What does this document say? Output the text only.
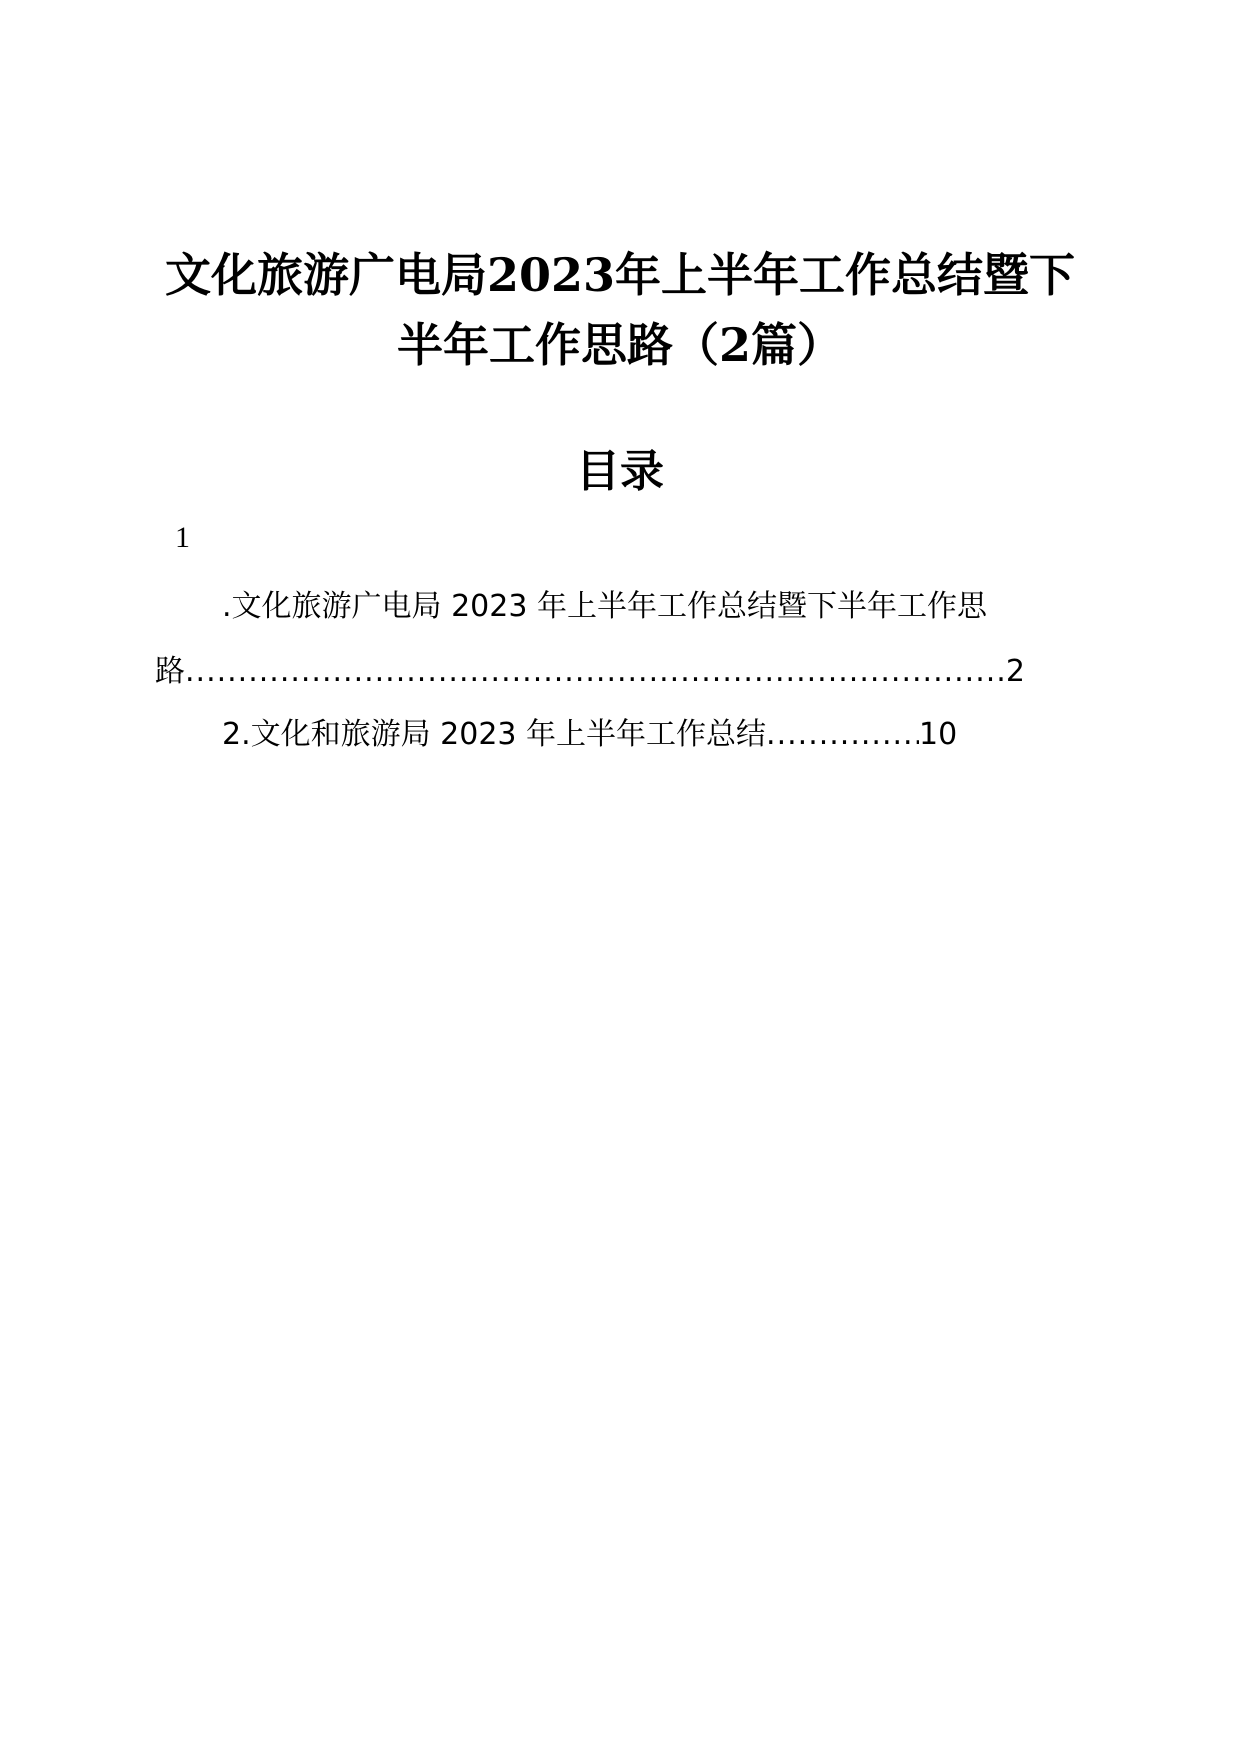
文化旅游广电局2023年上半年工作总结暨下
半年工作思路（2篇）
目录
1
.文化旅游广电局 2023 年上半年工作总结暨下半年工作思
路 .....	2
2.文化和旅游局 2023 年上半年工作总结 .....	10
